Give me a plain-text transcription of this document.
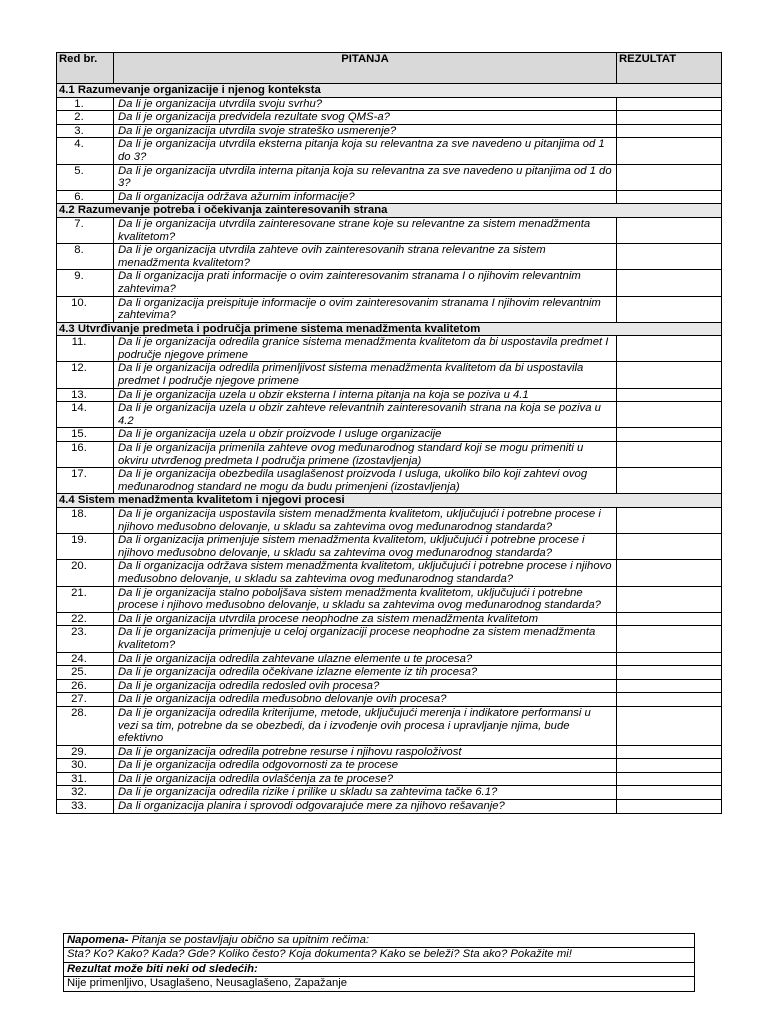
Red br.	PITANJA	REZULTAT
4.1 Razumevanje organizacije i njenog konteksta		
1.	Da li je organizacija utvrdila svoju svrhu?	
2.	Da li je organizacija predvidela rezultate svog QMS-a?	
3.	Da li je organizacija utvrdila svoje strateško usmerenje?	
4.	Da li je organizacija utvrdila eksterna pitanja koja su relevantna za sve navedeno u pitanjima od 1 do 3?	
5.	Da li je organizacija utvrdila interna pitanja koja su relevantna za sve navedeno u pitanjima od 1 do 3?	
6.	Da li organizacija održava ažurnim informacije?	
4.2 Razumevanje potreba i očekivanja zainteresovanih strana		
7.	Da li je organizacija utvrdila zainteresovane strane koje su relevantne za sistem menadžmenta kvalitetom?	
8.	Da li je organizacija utvrdila zahteve ovih zainteresovanih strana relevantne za sistem menadžmenta kvalitetom?	
9.	Da li organizacija prati informacije o ovim zainteresovanim stranama I o njihovim relevantnim zahtevima?	
10.	Da li organizacija preispituje informacije o ovim zainteresovanim stranama I njihovim relevantnim zahtevima?	
4.3 Utvrđivanje predmeta i područja primene sistema menadžmenta kvalitetom		
11.	Da li je organizacija odredila granice sistema menadžmenta kvalitetom da bi uspostavila predmet I područje njegove primene	
12.	Da li je organizacija odredila primenljivost sistema menadžmenta kvalitetom da bi uspostavila predmet I područje njegove primene	
13.	Da li je organizacija uzela u obzir eksterna I interna pitanja na koja se poziva u 4.1	
14.	Da li je organizacija uzela u obzir zahteve relevantnih zainteresovanih strana na koja se poziva u 4.2	
15.	Da li je organizacija uzela u obzir proizvode I usluge organizacije	
16.	Da li je organizacija primenila zahteve ovog međunarodnog standard koji se mogu primeniti u okviru utvrđenog predmeta I područja primene (izostavljenja)	
17.	Da li je organizacija obezbedila usaglašenost proizvoda I usluga, ukoliko bilo koji zahtevi ovog međunarodnog standard ne mogu da budu primenjeni (izostavljenja)	
4.4 Sistem menadžmenta kvalitetom i njegovi procesi		
18.	Da li je organizacija uspostavila sistem menadžmenta kvalitetom, uključujući i potrebne procese i njihovo međusobno delovanje, u skladu sa zahtevima ovog međunarodnog standarda?	
19.	Da li organizacija primenjuje sistem menadžmenta kvalitetom, uključujući i potrebne procese i njihovo međusobno delovanje, u skladu sa zahtevima ovog međunarodnog standarda?	
20.	Da li organizacija održava sistem menadžmenta kvalitetom, uključujući i potrebne procese i njihovo međusobno delovanje, u skladu sa zahtevima ovog međunarodnog standarda?	
21.	Da li je organizacija stalno poboljšava sistem menadžmenta kvalitetom, uključujući i potrebne procese i njihovo međusobno delovanje, u skladu sa zahtevima ovog međunarodnog standarda?	
22.	Da li je organizacija utvrdila procese neophodne za sistem menadžmenta kvalitetom	
23.	Da li je organizacija primenjuje u celoj organizaciji procese neophodne za sistem menadžmenta kvalitetom?	
24.	Da li je organizacija odredila zahtevane ulazne elemente u te procesa?	
25.	Da li je organizacija odredila očekivane izlazne elemente iz tih procesa?	
26.	Da li je organizacija odredila redosled ovih procesa?	
27.	Da li je organizacija odredila međusobno delovanje ovih procesa?	
28.	Da li je organizacija odredila kriterijume, metode, uključujući merenja i indikatore performansi u vezi sa tim, potrebne da se obezbedi, da i izvođenje ovih procesa i upravljanje njima, bude efektivno	
29.	Da li je organizacija odredila potrebne resurse i njihovu raspoloživost	
30.	Da li je organizacija odredila odgovornosti za te procese	
31.	Da li je organizacija odredila ovlašćenja za te procese?	
32.	Da li je organizacija odredila rizike i prilike u skladu sa zahtevima tačke 6.1?	
33.	Da li organizacija planira i sprovodi odgovarajuće mere za njihovo rešavanje?	
Napomena- Pitanja se postavljaju obično sa upitnim rečima:
Sta? Ko? Kako? Kada? Gde? Koliko često? Koja dokumenta? Kako se beleži? Sta ako? Pokažite mi!
Rezultat može biti neki od sledećih:
Nije primenljivo, Usaglašeno, Neusaglašeno, Zapažanje
